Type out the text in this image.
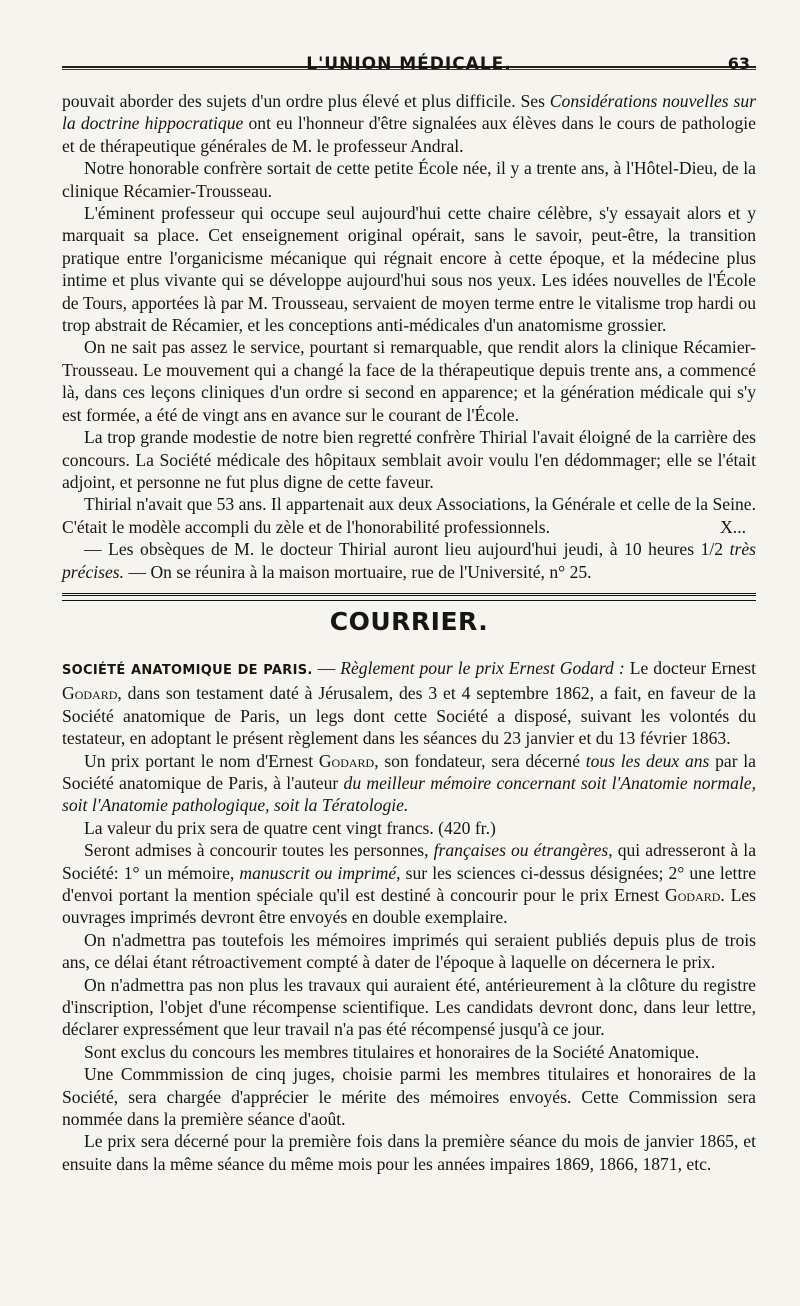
L'UNION MÉDICALE.	63

pouvait aborder des sujets d'un ordre plus élevé et plus difficile. Ses Considérations nouvelles sur la doctrine hippocratique ont eu l'honneur d'être signalées aux élèves dans le cours de pathologie et de thérapeutique générales de M. le professeur Andral.

Notre honorable confrère sortait de cette petite École née, il y a trente ans, à l'Hôtel-Dieu, de la clinique Récamier-Trousseau.

L'éminent professeur qui occupe seul aujourd'hui cette chaire célèbre, s'y essayait alors et y marquait sa place. Cet enseignement original opérait, sans le savoir, peut-être, la transition pratique entre l'organicisme mécanique qui régnait encore à cette époque, et la médecine plus intime et plus vivante qui se développe aujourd'hui sous nos yeux. Les idées nouvelles de l'École de Tours, apportées là par M. Trousseau, servaient de moyen terme entre le vitalisme trop hardi ou trop abstrait de Récamier, et les conceptions anti-médicales d'un anatomisme grossier.

On ne sait pas assez le service, pourtant si remarquable, que rendit alors la clinique Récamier-Trousseau. Le mouvement qui a changé la face de la thérapeutique depuis trente ans, a commencé là, dans ces leçons cliniques d'un ordre si second en apparence; et la génération médicale qui s'y est formée, a été de vingt ans en avance sur le courant de l'École.

La trop grande modestie de notre bien regretté confrère Thirial l'avait éloigné de la carrière des concours. La Société médicale des hôpitaux semblait avoir voulu l'en dédommager; elle se l'était adjoint, et personne ne fut plus digne de cette faveur.

Thirial n'avait que 53 ans. Il appartenait aux deux Associations, la Générale et celle de la Seine. C'était le modèle accompli du zèle et de l'honorabilité professionnels.	X...

— Les obsèques de M. le docteur Thirial auront lieu aujourd'hui jeudi, à 10 heures 1/2 très précises. — On se réunira à la maison mortuaire, rue de l'Université, n° 25.

COURRIER.

SOCIÉTÉ ANATOMIQUE DE PARIS. — Règlement pour le prix Ernest Godard : Le docteur Ernest Godard, dans son testament daté à Jérusalem, des 3 et 4 septembre 1862, a fait, en faveur de la Société anatomique de Paris, un legs dont cette Société a disposé, suivant les volontés du testateur, en adoptant le présent règlement dans les séances du 23 janvier et du 13 février 1863.

Un prix portant le nom d'Ernest Godard, son fondateur, sera décerné tous les deux ans par la Société anatomique de Paris, à l'auteur du meilleur mémoire concernant soit l'Anatomie normale, soit l'Anatomie pathologique, soit la Tératologie.

La valeur du prix sera de quatre cent vingt francs. (420 fr.)

Seront admises à concourir toutes les personnes, françaises ou étrangères, qui adresseront à la Société: 1° un mémoire, manuscrit ou imprimé, sur les sciences ci-dessus désignées; 2° une lettre d'envoi portant la mention spéciale qu'il est destiné à concourir pour le prix Ernest Godard. Les ouvrages imprimés devront être envoyés en double exemplaire.

On n'admettra pas toutefois les mémoires imprimés qui seraient publiés depuis plus de trois ans, ce délai étant rétroactivement compté à dater de l'époque à laquelle on décernera le prix.

On n'admettra pas non plus les travaux qui auraient été, antérieurement à la clôture du registre d'inscription, l'objet d'une récompense scientifique. Les candidats devront donc, dans leur lettre, déclarer expressément que leur travail n'a pas été récompensé jusqu'à ce jour.

Sont exclus du concours les membres titulaires et honoraires de la Société Anatomique.

Une Commmission de cinq juges, choisie parmi les membres titulaires et honoraires de la Société, sera chargée d'apprécier le mérite des mémoires envoyés. Cette Commission sera nommée dans la première séance d'août.

Le prix sera décerné pour la première fois dans la première séance du mois de janvier 1865, et ensuite dans la même séance du même mois pour les années impaires 1869, 1866, 1871, etc.
